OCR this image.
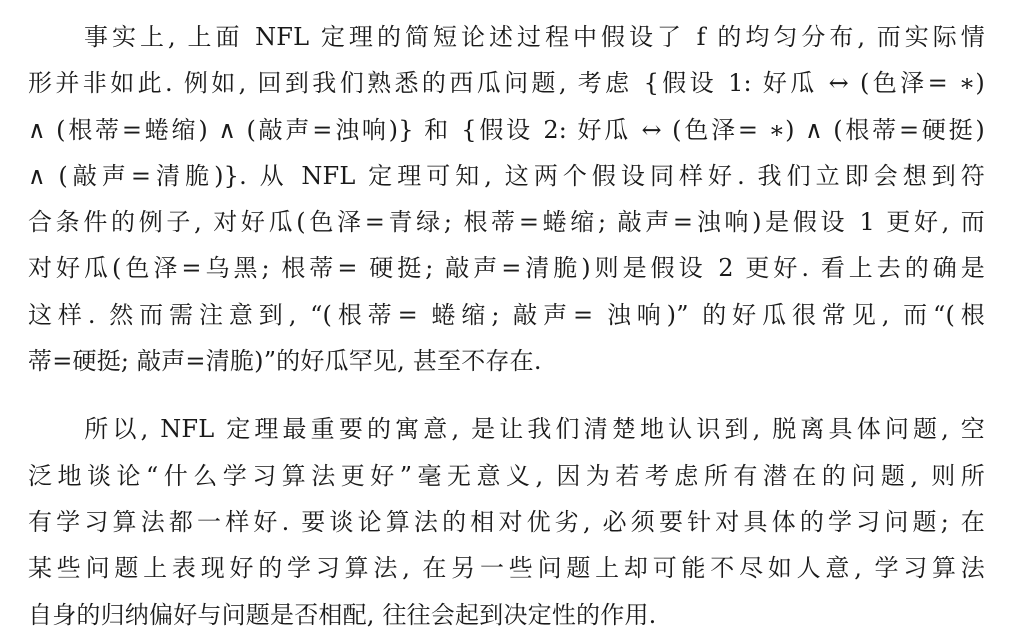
　　事实上, 上面 NFL 定理的简短论述过程中假设了 f 的均匀分布, 而实际情
形并非如此. 例如, 回到我们熟悉的西瓜问题, 考虑 {假设 1: 好瓜 ↔ (色泽= ∗)
∧ (根蒂=蜷缩) ∧ (敲声=浊响)} 和 {假设 2: 好瓜 ↔ (色泽= ∗) ∧ (根蒂=硬挺)
∧ (敲声=清脆)}. 从 NFL 定理可知, 这两个假设同样好. 我们立即会想到符
合条件的例子, 对好瓜(色泽=青绿; 根蒂=蜷缩; 敲声=浊响)是假设 1 更好, 而
对好瓜(色泽=乌黑; 根蒂= 硬挺; 敲声=清脆)则是假设 2 更好. 看上去的确是
这样. 然而需注意到, “(根蒂= 蜷缩; 敲声= 浊响)” 的好瓜很常见, 而“(根
蒂=硬挺; 敲声=清脆)”的好瓜罕见, 甚至不存在.
　　所以, NFL 定理最重要的寓意, 是让我们清楚地认识到, 脱离具体问题, 空
泛地谈论“什么学习算法更好”毫无意义, 因为若考虑所有潜在的问题, 则所
有学习算法都一样好. 要谈论算法的相对优劣, 必须要针对具体的学习问题; 在
某些问题上表现好的学习算法, 在另一些问题上却可能不尽如人意, 学习算法
自身的归纳偏好与问题是否相配, 往往会起到决定性的作用.
